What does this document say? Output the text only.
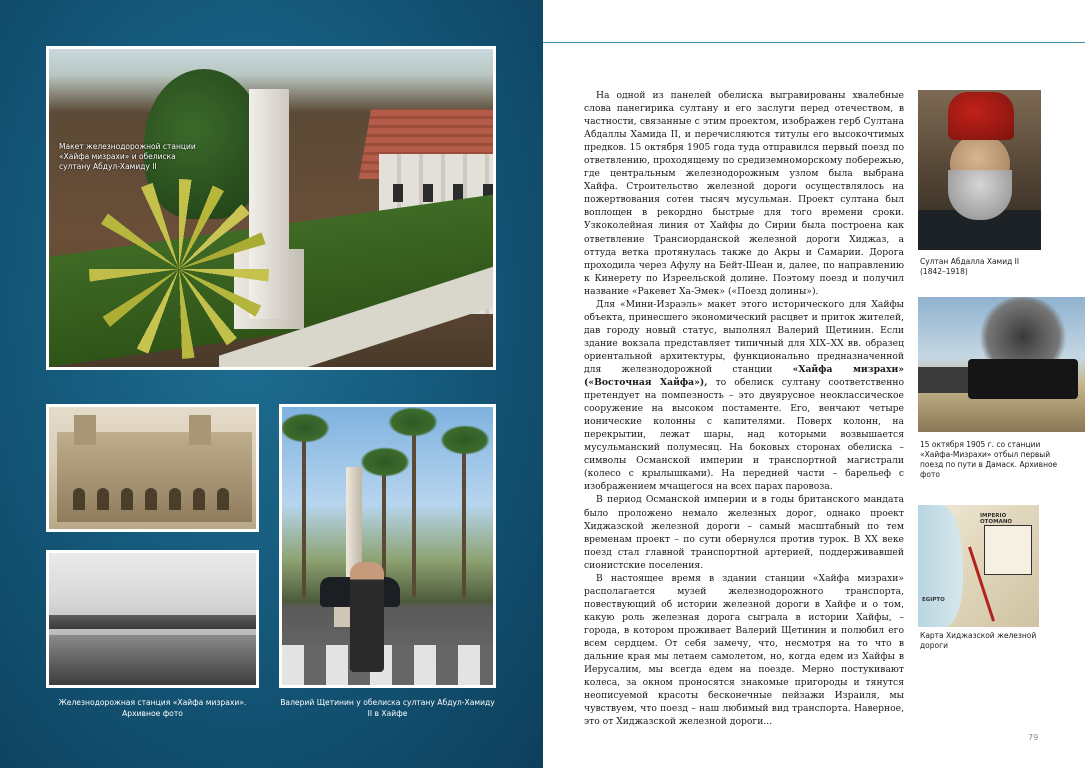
Макет железнодорожной станции «Хайфа мизрахи» и обелиска султану Абдул-Хамиду II
Железнодорожная станция «Хайфа мизрахи». Архивное фото
Валерий Щетинин у обелиска султану Абдул-Хамиду II в Хайфе

На одной из панелей обелиска выгравированы хвалебные слова панегирика султану и его заслуги перед отечеством, в частности, связанные с этим проектом, изображен герб Султана Абдаллы Хамида II, и перечисляются титулы его высокочтимых предков. 15 октября 1905 года туда отправился первый поезд по ответвлению, проходящему по средиземноморскому побережью, где центральным железнодорожным узлом была выбрана Хайфа. Строительство железной дороги осуществлялось на пожертвования сотен тысяч мусульман. Проект султана был воплощен в рекордно быстрые для того времени сроки. Узкоколейная линия от Хайфы до Сирии была построена как ответвление Трансиорданской железной дороги Хиджаз, а оттуда ветка протянулась также до Акры и Самарии. Дорога проходила через Афулу на Бейт-Шеан и, далее, по направлению к Кинерету по Изреельской долине. Поэтому поезд и получил название «Ракевет Ха-Эмек» («Поезд долины»).

Для «Мини-Израэль» макет этого исторического для Хайфы объекта, принесшего экономический расцвет и приток жителей, дав городу новый статус, выполнял Валерий Щетинин. Если здание вокзала представляет типичный для XIX–XX вв. образец ориентальной архитектуры, функционально предназначенной для железнодорожной станции «Хайфа мизрахи» («Восточная Хайфа»), то обелиск султану соответственно претендует на помпезность – это двуярусное неоклассическое сооружение на высоком постаменте. Его, венчают четыре ионические колонны с капителями. Поверх колонн, на перекрытии, лежат шары, над которыми возвышается мусульманский полумесяц. На боковых сторонах обелиска – символы Османской империи и транспортной магистрали (колесо с крылышками). На передней части – барельеф с изображением мчащегося на всех парах паровоза.

В период Османской империи и в годы британского мандата было проложено немало железных дорог, однако проект Хиджазской железной дороги – самый масштабный по тем временам проект – по сути обернулся против турок. В XX веке поезд стал главной транспортной артерией, поддерживавшей сионистские поселения.

В настоящее время в здании станции «Хайфа мизрахи» располагается музей железнодорожного транспорта, повествующий об истории железной дороги в Хайфе и о том, какую роль железная дорога сыграла в истории Хайфы, – города, в котором проживает Валерий Щетинин и полюбил его всем сердцем. От себя замечу, что, несмотря на то что в дальние края мы летаем самолетом, но, когда едем из Хайфы в Иерусалим, мы всегда едем на поезде. Мерно постукивают колеса, за окном проносятся знакомые пригороды и тянутся неописуемой красоты бесконечные пейзажи Израиля, мы чувствуем, что поезд – наш любимый вид транспорта. Наверное, это от Хиджазской железной дороги...

Султан Абдалла Хамид II
(1842–1918)
15 октября 1905 г. со станции «Хайфа-Мизрахи» отбыл первый поезд по пути в Дамаск. Архивное фото
IMPERIO OTOMANO
EGIPTO
Карта Хиджазской железной дороги
79
